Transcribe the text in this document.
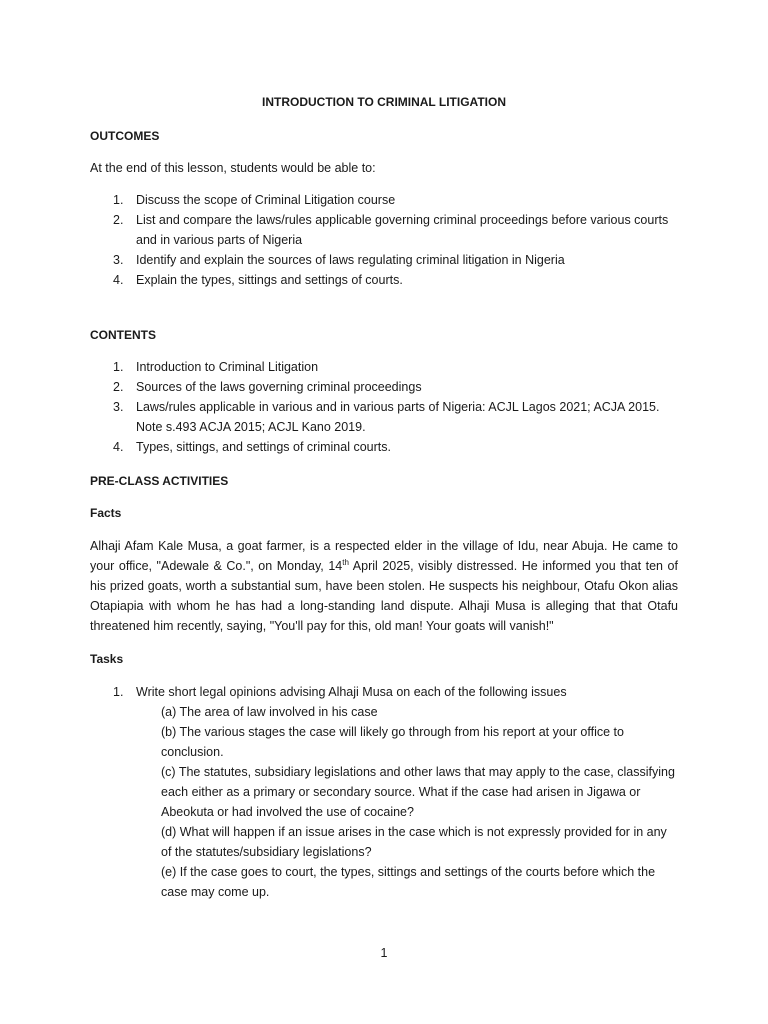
INTRODUCTION TO CRIMINAL LITIGATION
OUTCOMES
At the end of this lesson, students would be able to:
1. Discuss the scope of Criminal Litigation course
2. List and compare the laws/rules applicable governing criminal proceedings before various courts and in various parts of Nigeria
3. Identify and explain the sources of laws regulating criminal litigation in Nigeria
4. Explain the types, sittings and settings of courts.
CONTENTS
1. Introduction to Criminal Litigation
2. Sources of the laws governing criminal proceedings
3. Laws/rules applicable in various and in various parts of Nigeria: ACJL Lagos 2021; ACJA 2015. Note s.493 ACJA 2015; ACJL Kano 2019.
4. Types, sittings, and settings of criminal courts.
PRE-CLASS ACTIVITIES
Facts
Alhaji Afam Kale Musa, a goat farmer, is a respected elder in the village of Idu, near Abuja. He came to your office, "Adewale & Co.", on Monday, 14th April 2025, visibly distressed. He informed you that ten of his prized goats, worth a substantial sum, have been stolen. He suspects his neighbour, Otafu Okon alias Otapiapia with whom he has had a long-standing land dispute. Alhaji Musa is alleging that that Otafu threatened him recently, saying, "You'll pay for this, old man! Your goats will vanish!"
Tasks
1. Write short legal opinions advising Alhaji Musa on each of the following issues
(a) The area of law involved in his case
(b) The various stages the case will likely go through from his report at your office to conclusion.
(c) The statutes, subsidiary legislations and other laws that may apply to the case, classifying each either as a primary or secondary source. What if the case had arisen in Jigawa or Abeokuta or had involved the use of cocaine?
(d) What will happen if an issue arises in the case which is not expressly provided for in any of the statutes/subsidiary legislations?
(e) If the case goes to court, the types, sittings and settings of the courts before which the case may come up.
1
